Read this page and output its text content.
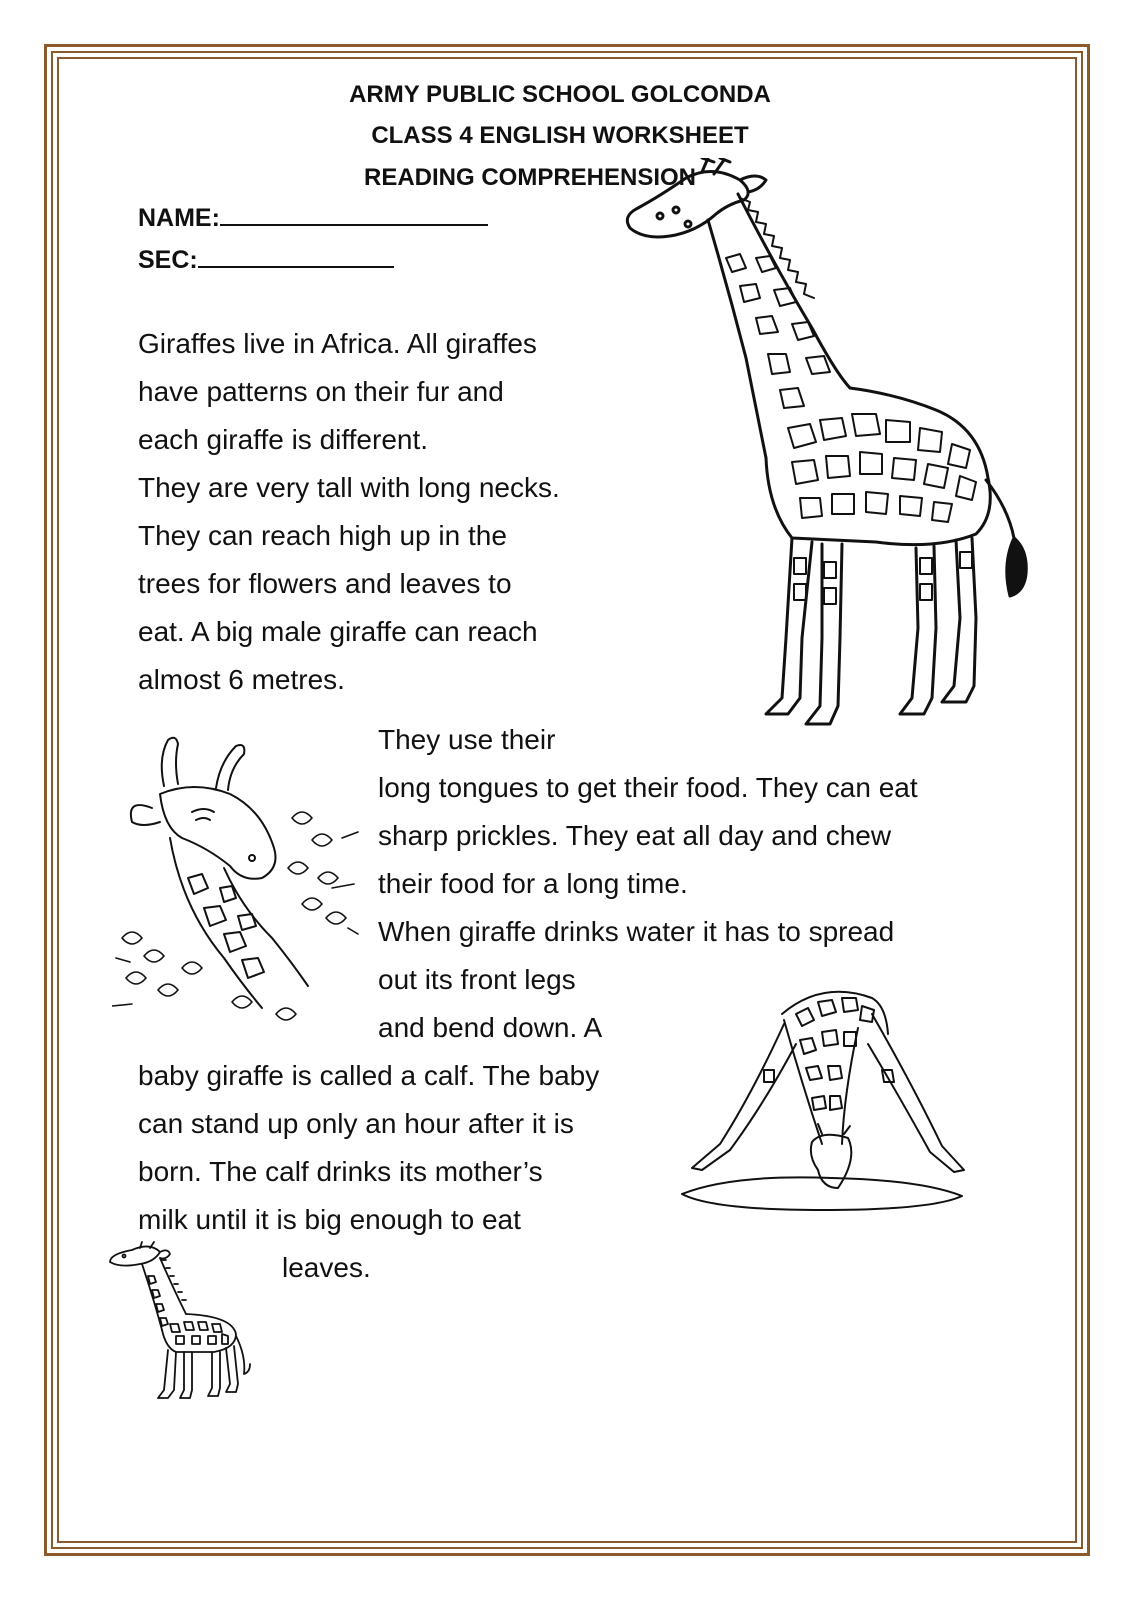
ARMY PUBLIC SCHOOL GOLCONDA
CLASS 4 ENGLISH WORKSHEET
READING COMPREHENSION
NAME:
SEC:
Giraffes live in Africa. All giraffes
have patterns on their fur and
each giraffe is different.
They are very tall with long necks.
They can reach high up in the
trees for flowers and leaves to
eat. A big male giraffe can reach
almost 6 metres.
They use their
long tongues to get their food. They can eat
sharp prickles. They eat all day and chew
their food for a long time.
When giraffe drinks water it has to spread
out its front legs
and bend down. A
baby giraffe is called a calf. The baby
can stand up only an hour after it is
born. The calf drinks its mother’s
milk until it is big enough to eat
leaves.
